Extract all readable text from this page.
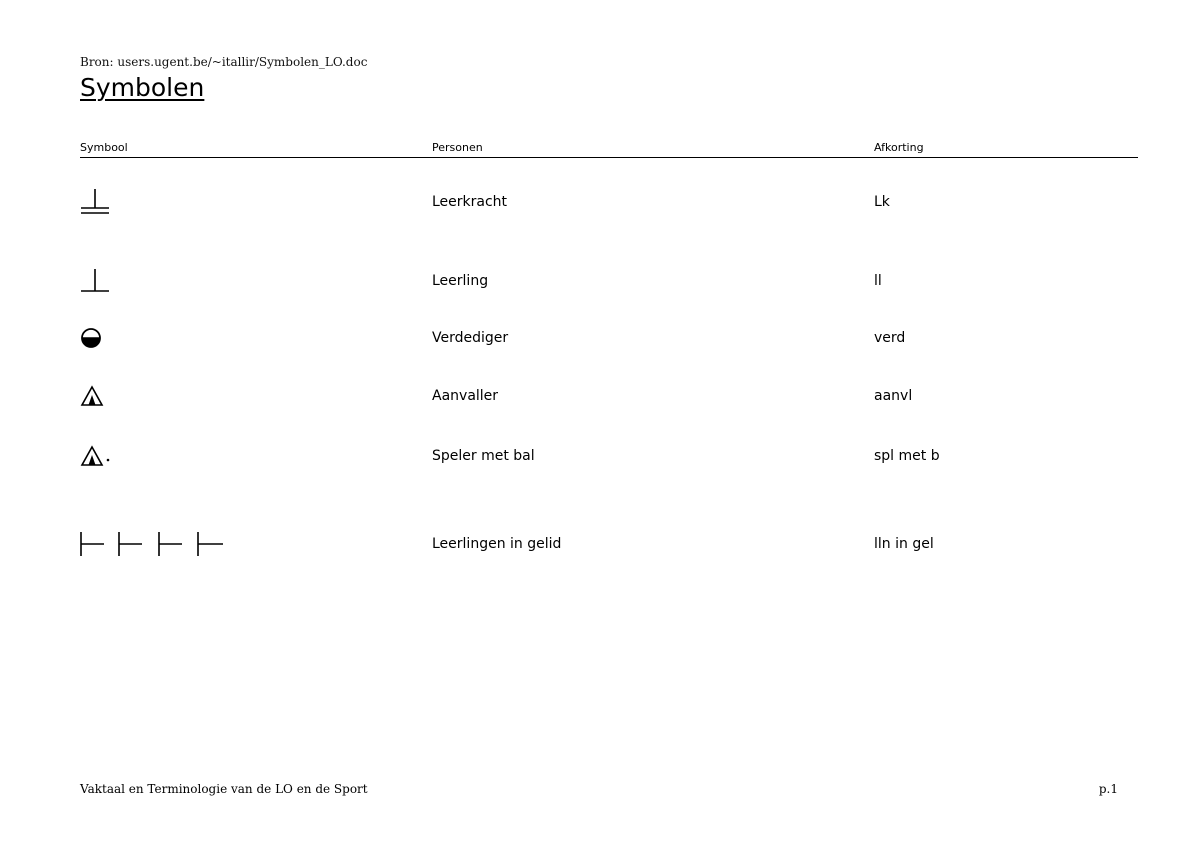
Bron: users.ugent.be/~itallir/Symbolen_LO.doc
Symbolen
Symbool	Personen	Afkorting
Leerkracht	Lk
Leerling	ll
Verdediger	verd
Aanvaller	aanvl
Speler met bal	spl met b
Leerlingen in gelid	lln in gel
Vaktaal en Terminologie van de LO en de Sport	p.1
